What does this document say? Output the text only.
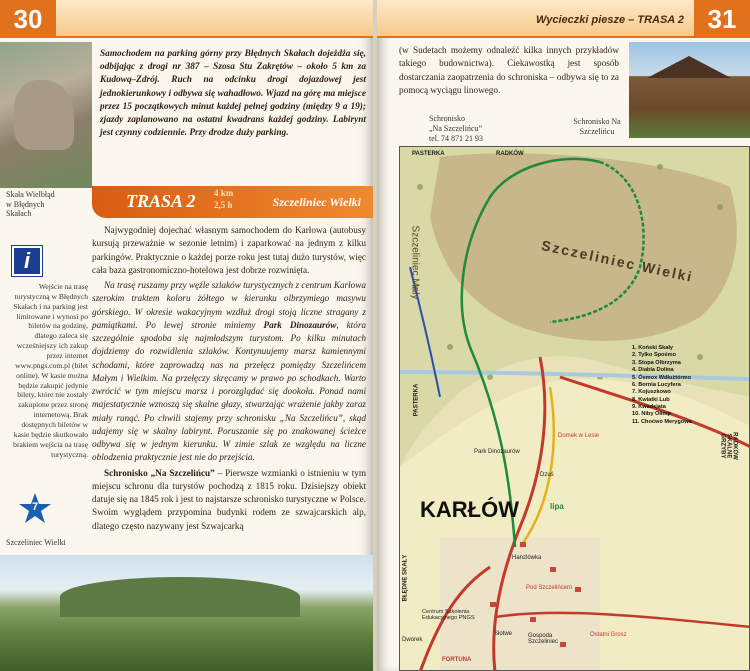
30
Skała Wielbłąd
w Błędnych
Skałach
Samochodem na parking górny przy Błędnych Skałach dojeżdża się, odbijając z drogi nr 387 – Szosa Stu Zakrętów – około 5 km za Kudową–Zdrój. Ruch na odcinku drogi dojazdowej jest jednokierunkowy i odbywa się wahadłowo. Wjazd na górę ma miejsce przez 15 początkowych minut każdej pełnej godziny (między 9 a 19); zjazdy zaplanowano na ostatni kwadrans każdej godziny. Labirynt jest czynny codziennie. Przy drodze duży parking.
TRASA 2 4 km
2,5 h	Szczeliniec Wielki
i
Wejście na trasę turystyczną w Błędnych Skałach i na parking jest limitowane i wynosi po biletów na godzinę, dlatego zaleca się wcześniejszy ich zakup przez internet www.pngs.com.pl (bilet online). W kasie można będzie zakupić jedynie bilety, które nie zostały zakupione przez stronę internetową. Brak dostępnych biletów w kasie będzie skutkowało brakiem wejścia na trasę turystyczną.
7
Szczeliniec Wielki

Najwygodniej dojechać własnym samochodem do Karłowa (autobusy kursują przeważnie w sezonie letnim) i zaparkować na jednym z kilku parkingów. Praktycznie o każdej porze roku jest tutaj dużo turystów, więc cała baza gastronomiczno-hotelowa jest dobrze rozwinięta.

Na trasę ruszamy przy węźle szlaków turystycznych z centrum Karłowa szerokim traktem koloru żółtego w kierunku olbrzymiego masywu górskiego. W okresie wakacyjnym wzdłuż drogi stoją liczne straganу z pamiątkami. Po lewej stronie miniemy Park Dinozaurów, która szczególnie spodoba się najmłodszym turystom. Po kilku minutach dojdziemy do rozwidlenia szlaków. Kontynuujemy marsz kamiennymi schodami, które zaprowadzą nas na przełęcz pomiędzy Szczelińcem Małym i Wielkim. Na przełęczy skręcamy w prawo po schodkach. Warto zwrócić w tym miejscu marsz i porozglądać się dookoła. Ponad nami majestatycznie wznoszą się skalne głazy, stwarzając wrażenie jakby zaraz miały runąć. Po chwili stajemy przy schronisku „Na Szczelińcu”, skąd udajemy się w skalny labirynt. Poruszanie się po znakowanej ścieżce odbywa się w jednym kierunku. W zimie szlak ze względu na liczne oblodzenia praktycznie jest nie do przejścia.

Schronisko „Na Szczelińcu” – Pierwsze wzmianki o istnieniu w tym miejscu schronu dla turystów pochodzą z 1815 roku. Dzisiejszy obiekt datuje się na 1845 rok i jest to najstarsze schronisko turystyczne w Polsce. Swoim wyglądem przypomina budynki rodem ze szwajcarskich alp, dlatego często nazywany jest Szwajcarką

Wycieczki piesze – TRASA 2 31
(w Sudetach możemy odnaleźć kilka innych przykładów takiego budownictwa). Ciekawostką jest sposób dostarczania zaopatrzenia do schroniska – odbywa się to za pomocą wyciągu linowego.
Schronisko
„Na Szczelińcu”
tel. 74 871 21 93
Schronisko Na
Szczelińcu
PASTERKA	RADKÓW
Szczeliniec Mały	Szczeliniec Wielki
PASTERKA
RADKÓW
SKALNE GRZYBY
KARŁÓW
BŁĘDNE SKAŁY
Domek w Lesie
lipa
Park Dinozaurów
Dzuś
Hanzlówka
Pod Szczelińcem
Centrum Szkolenia
Edukacyjnego PNGS
Słotwe	Gospoda
Szczeliniec
FORTUNA
Dworek
Ostatni Grosz
1. Koński Skały
2. Tylko Spośmo
3. Stopa Olbrzyma
4. Diabla Dolina
5. Ósmox Wdłużtórmo
6. Bornia Lucyfera
7. Kojuszkowo
8. Kwiatki Lub
9. Kwadsjata
10. Niby Olimp
11. Choćwo Merygowa
